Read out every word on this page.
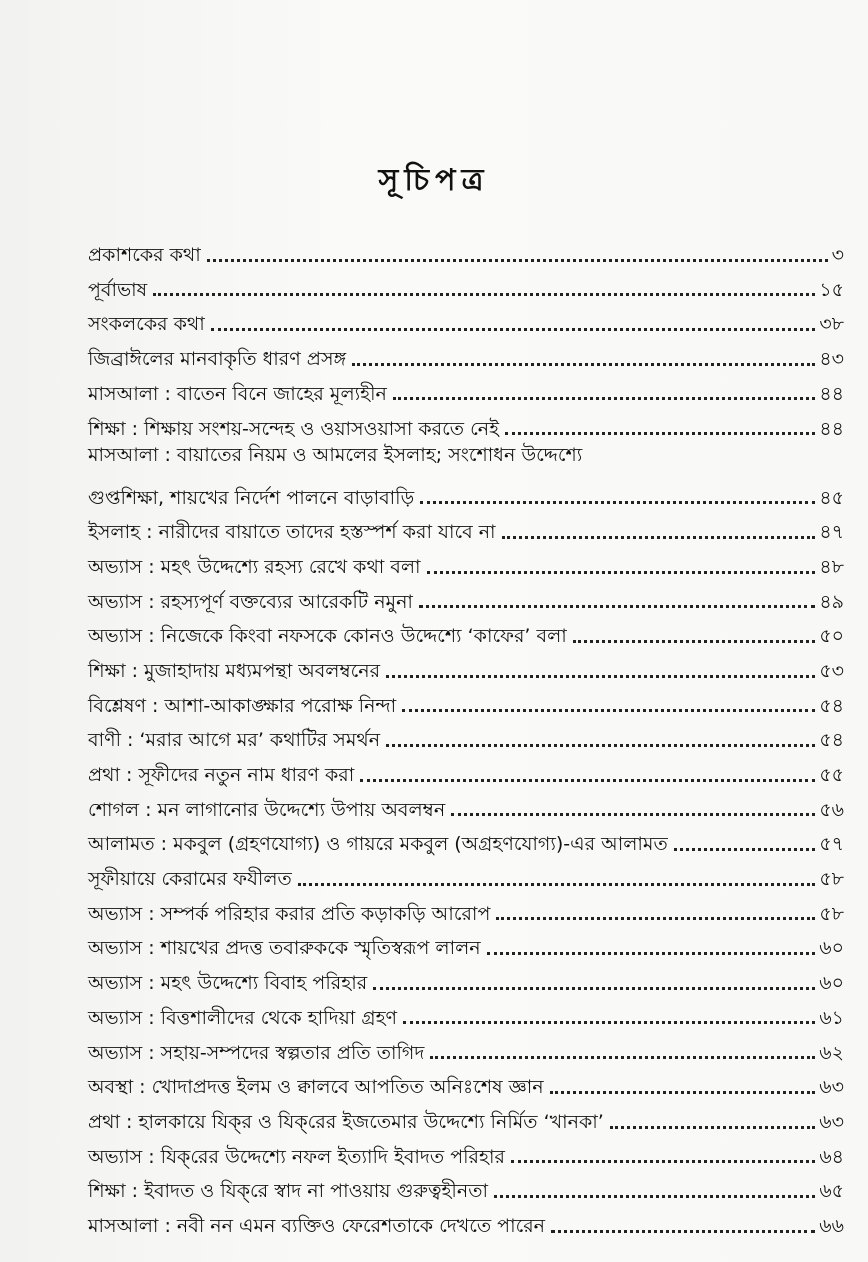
সূচিপত্র
প্রকাশকের কথা	৩
পূর্বাভাষ	১৫
সংকলকের কথা	৩৮
জিব্রাঈলের মানবাকৃতি ধারণ প্রসঙ্গ	৪৩
মাসআলা : বাতেন বিনে জাহের মূল্যহীন	৪৪
শিক্ষা : শিক্ষায় সংশয়-সন্দেহ ও ওয়াসওয়াসা করতে নেই	৪৪
মাসআলা : বায়াতের নিয়ম ও আমলের ইসলাহ; সংশোধন উদ্দেশ্যে
গুপ্তশিক্ষা, শায়খের নির্দেশ পালনে বাড়াবাড়ি	৪৫
ইসলাহ : নারীদের বায়াতে তাদের হস্তস্পর্শ করা যাবে না	৪৭
অভ্যাস : মহৎ উদ্দেশ্যে রহস্য রেখে কথা বলা	৪৮
অভ্যাস : রহস্যপূর্ণ বক্তব্যের আরেকটি নমুনা	৪৯
অভ্যাস : নিজেকে কিংবা নফসকে কোনও উদ্দেশ্যে ‘কাফের’ বলা	৫০
শিক্ষা : মুজাহাদায় মধ্যমপন্থা অবলম্বনের	৫৩
বিশ্লেষণ : আশা-আকাঙ্ক্ষার পরোক্ষ নিন্দা	৫৪
বাণী : ‘মরার আগে মর’ কথাটির সমর্থন	৫৪
প্রথা : সূফীদের নতুন নাম ধারণ করা	৫৫
শোগল : মন লাগানোর উদ্দেশ্যে উপায় অবলম্বন	৫৬
আলামত : মকবুল (গ্রহণযোগ্য) ও গায়রে মকবুল (অগ্রহণযোগ্য)-এর আলামত	৫৭
সূফীয়ায়ে কেরামের ফযীলত	৫৮
অভ্যাস : সম্পর্ক পরিহার করার প্রতি কড়াকড়ি আরোপ	৫৮
অভ্যাস : শায়খের প্রদত্ত তবারুককে স্মৃতিস্বরূপ লালন	৬০
অভ্যাস : মহৎ উদ্দেশ্যে বিবাহ পরিহার	৬০
অভ্যাস : বিত্তশালীদের থেকে হাদিয়া গ্রহণ	৬১
অভ্যাস : সহায়-সম্পদের স্বল্পতার প্রতি তাগিদ	৬২
অবস্থা : খোদাপ্রদত্ত ইলম ও ক্বালবে আপতিত অনিঃশেষ জ্ঞান	৬৩
প্রথা : হালকায়ে যিক্‌র ও যিক্‌রের ইজতেমার উদ্দেশ্যে নির্মিত ‘খানকা’	৬৩
অভ্যাস : যিক্‌রের উদ্দেশ্যে নফল ইত্যাদি ইবাদত পরিহার	৬৪
শিক্ষা : ইবাদত ও যিক্‌রে স্বাদ না পাওয়ায় গুরুত্বহীনতা	৬৫
মাসআলা : নবী নন এমন ব্যক্তিও ফেরেশতাকে দেখতে পারেন	৬৬
